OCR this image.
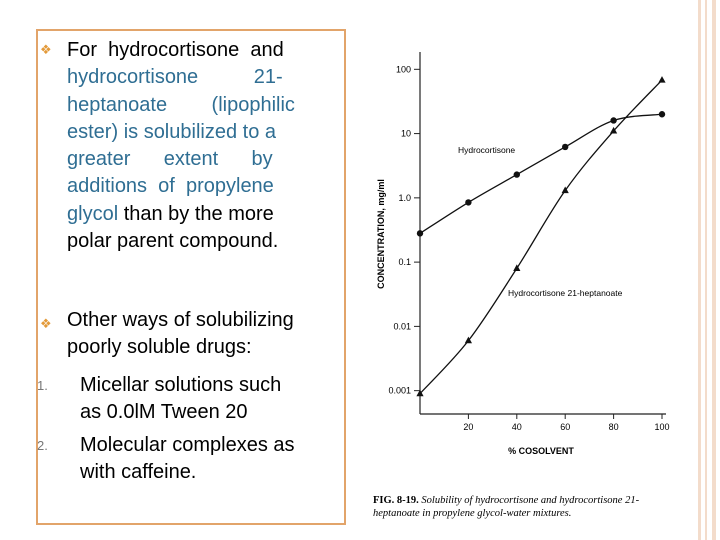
❖ For  hydrocortisone  and
hydrocortisone          21-
heptanoate        (lipophilic
ester) is solubilized to a
greater      extent      by
additions  of  propylene
glycol than by the more
polar parent compound.
❖ Other ways of solubilizing
poorly soluble drugs:
1. Micellar solutions such
as 0.0lM Tween 20
2. Molecular complexes as
with caffeine.
100
10
1.0
0.1
0.01
0.001
20	40	60	80	100
% COSOLVENT
CONCENTRATION, mg/ml
Hydrocortisone
Hydrocortisone 21-heptanoate
FIG. 8-19. Solubility of hydrocortisone and hydrocortisone 21-heptanoate in propylene glycol-water mixtures.
